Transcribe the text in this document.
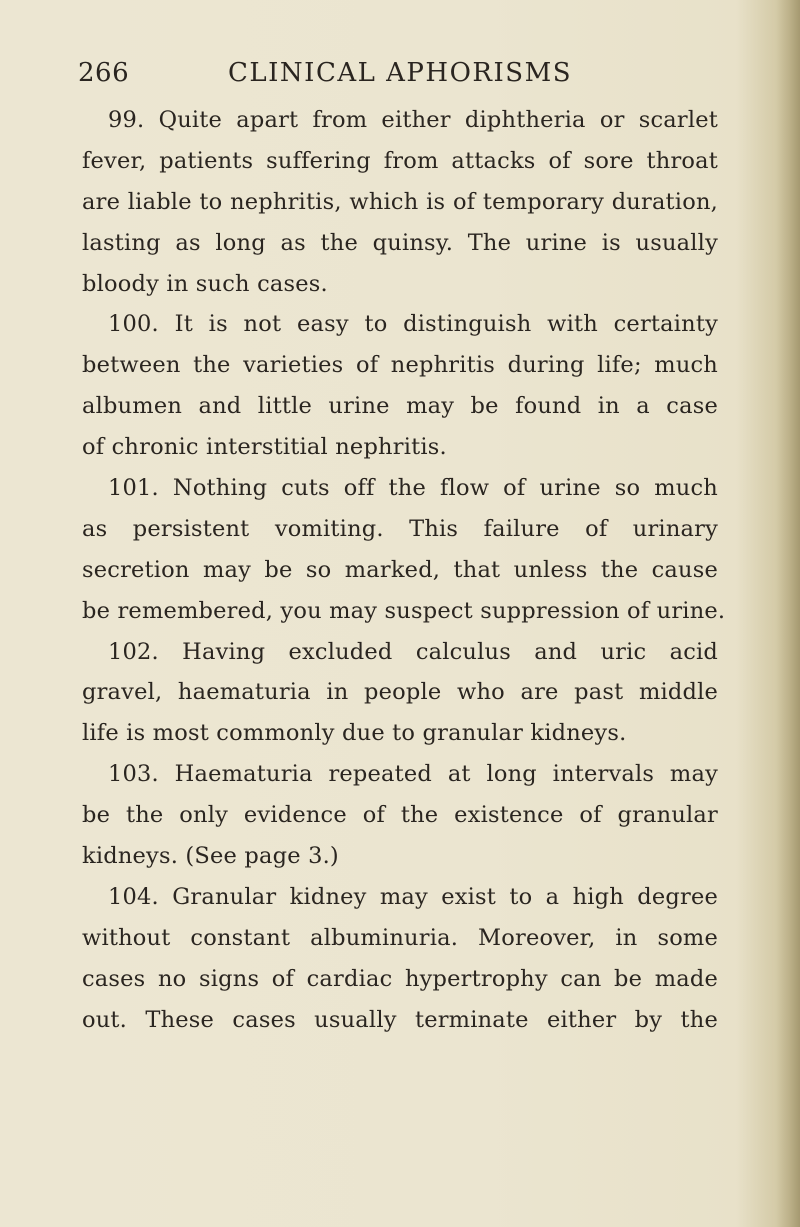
266	CLINICAL APHORISMS
99. Quite apart from either diphtheria or scarlet
fever, patients suffering from attacks of sore throat
are liable to nephritis, which is of temporary duration,
lasting as long as the quinsy. The urine is usually
bloody in such cases.
100. It is not easy to distinguish with certainty
between the varieties of nephritis during life; much
albumen and little urine may be found in a case
of chronic interstitial nephritis.
101. Nothing cuts off the flow of urine so much
as persistent vomiting. This failure of urinary
secretion may be so marked, that unless the cause
be remembered, you may suspect suppression of urine.
102. Having excluded calculus and uric acid
gravel, haematuria in people who are past middle
life is most commonly due to granular kidneys.
103. Haematuria repeated at long intervals may
be the only evidence of the existence of granular
kidneys. (See page 3.)
104. Granular kidney may exist to a high degree
without constant albuminuria. Moreover, in some
cases no signs of cardiac hypertrophy can be made
out. These cases usually terminate either by the
